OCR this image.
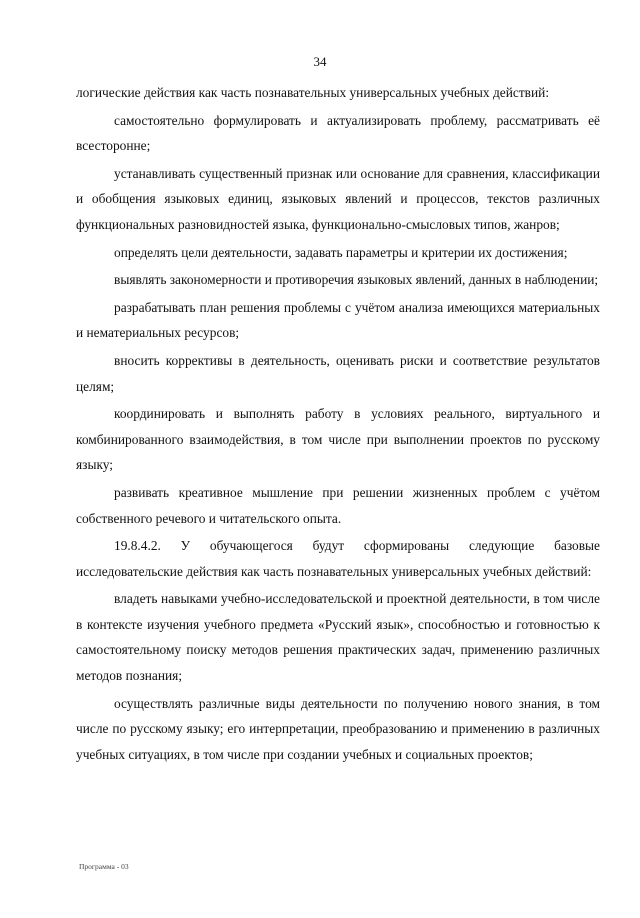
34

логические действия как часть познавательных универсальных учебных действий:

самостоятельно формулировать и актуализировать проблему, рассматривать её всесторонне;

устанавливать существенный признак или основание для сравнения, классификации и обобщения языковых единиц, языковых явлений и процессов, текстов различных функциональных разновидностей языка, функционально-смысловых типов, жанров;

определять цели деятельности, задавать параметры и критерии их достижения;

выявлять закономерности и противоречия языковых явлений, данных в наблюдении;

разрабатывать план решения проблемы с учётом анализа имеющихся материальных и нематериальных ресурсов;

вносить коррективы в деятельность, оценивать риски и соответствие результатов целям;

координировать и выполнять работу в условиях реального, виртуального и комбинированного взаимодействия, в том числе при выполнении проектов по русскому языку;

развивать креативное мышление при решении жизненных проблем с учётом собственного речевого и читательского опыта.

19.8.4.2. У обучающегося будут сформированы следующие базовые исследовательские действия как часть познавательных универсальных учебных действий:

владеть навыками учебно-исследовательской и проектной деятельности, в том числе в контексте изучения учебного предмета «Русский язык», способностью и готовностью к самостоятельному поиску методов решения практических задач, применению различных методов познания;

осуществлять различные виды деятельности по получению нового знания, в том числе по русскому языку; его интерпретации, преобразованию и применению в различных учебных ситуациях, в том числе при создании учебных и социальных проектов;

Программа - 03
